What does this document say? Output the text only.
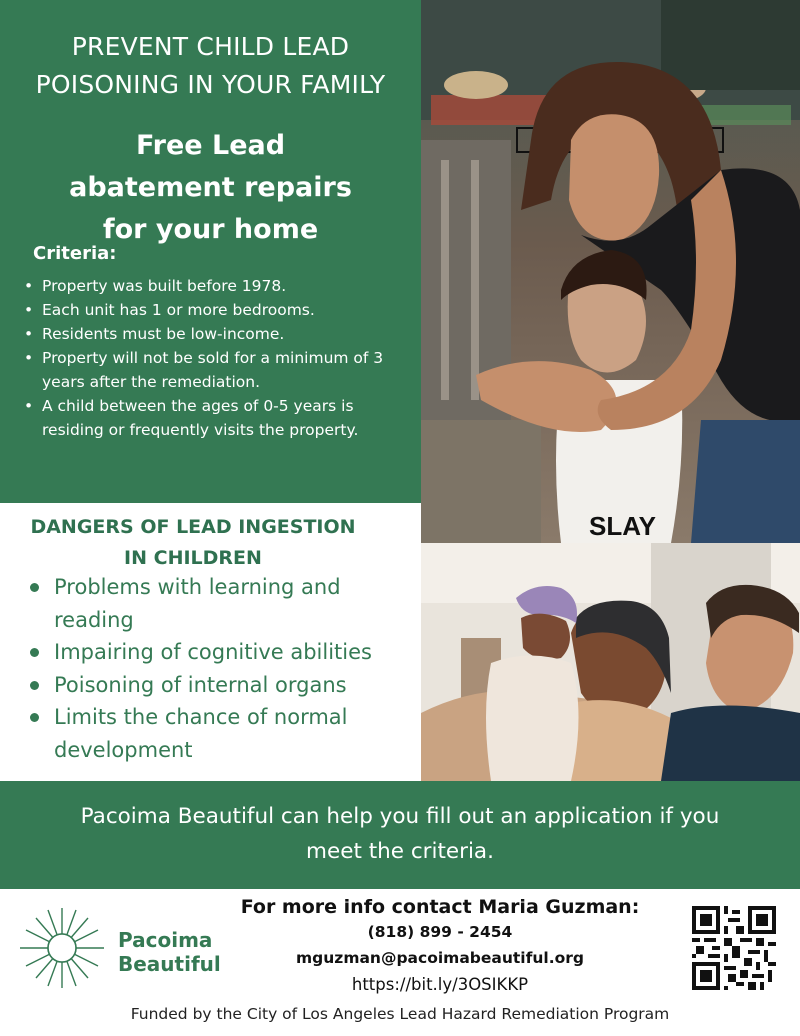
PREVENT CHILD LEAD POISONING IN YOUR FAMILY
Free Lead abatement repairs for your home
Criteria:
• Property was built before 1978.
• Each unit has 1 or more bedrooms.
• Residents must be low-income.
• Property will not be sold for a minimum of 3 years after the remediation.
• A child between the ages of 0-5 years is residing or frequently visits the property.
SLAY
DANGERS OF LEAD INGESTION IN CHILDREN
Problems with learning and reading
Impairing of cognitive abilities
Poisoning of internal organs
Limits the chance of normal development
Pacoima Beautiful can help you fill out an application if you meet the criteria.
Pacoima Beautiful
For more info contact Maria Guzman:
(818) 899 - 2454
mguzman@pacoimabeautiful.org
https://bit.ly/3OSIKKP
Funded by the City of Los Angeles Lead Hazard Remediation Program
